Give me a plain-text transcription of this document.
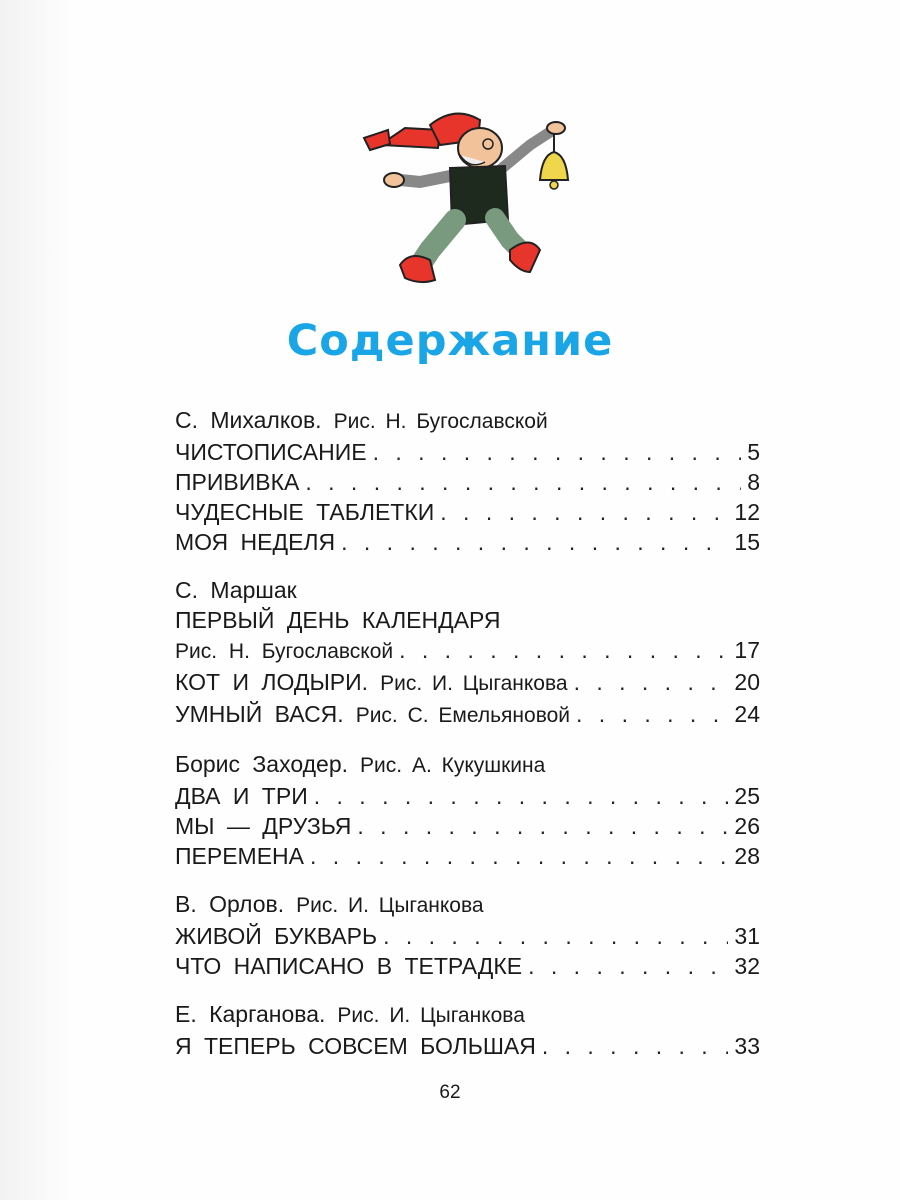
Содержание
С. Михалков. Рис. Н. Бугославской
ЧИСТОПИСАНИЕ . . .	5
ПРИВИВКА . . .	8
ЧУДЕСНЫЕ ТАБЛЕТКИ . . .	12
МОЯ НЕДЕЛЯ . . .	15
С. Маршак
ПЕРВЫЙ ДЕНЬ КАЛЕНДАРЯ
Рис. Н. Бугославской . . .	17
КОТ И ЛОДЫРИ. Рис. И. Цыганкова . . .	20
УМНЫЙ ВАСЯ. Рис. С. Емельяновой . . .	24
Борис Заходер. Рис. А. Кукушкина
ДВА И ТРИ . . .	25
МЫ — ДРУЗЬЯ . . .	26
ПЕРЕМЕНА . . .	28
В. Орлов. Рис. И. Цыганкова
ЖИВОЙ БУКВАРЬ . . .	31
ЧТО НАПИСАНО В ТЕТРАДКЕ . . .	32
Е. Карганова. Рис. И. Цыганкова
Я ТЕПЕРЬ СОВСЕМ БОЛЬШАЯ . . .	33
62
